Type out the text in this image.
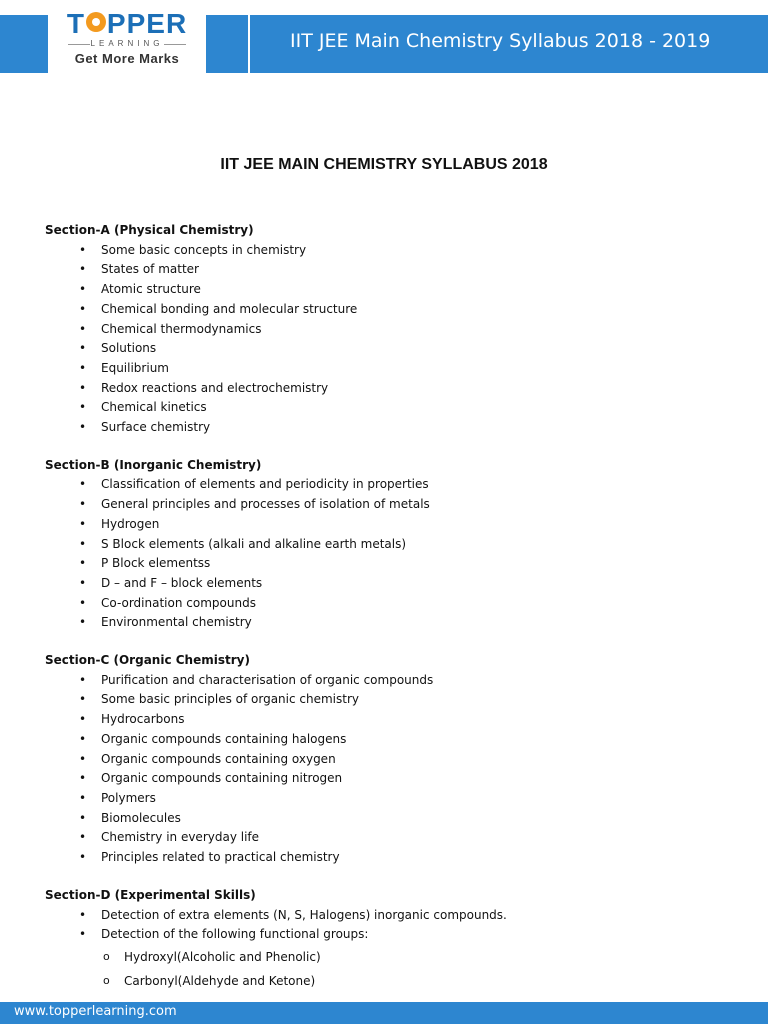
T PPER
LEARNING
Get More Marks
IIT JEE Main Chemistry Syllabus 2018 - 2019
IIT JEE MAIN CHEMISTRY SYLLABUS 2018
Section-A (Physical Chemistry)
• Some basic concepts in chemistry
• States of matter
• Atomic structure
• Chemical bonding and molecular structure
• Chemical thermodynamics
• Solutions
• Equilibrium
• Redox reactions and electrochemistry
• Chemical kinetics
• Surface chemistry
Section-B (Inorganic Chemistry)
• Classification of elements and periodicity in properties
• General principles and processes of isolation of metals
• Hydrogen
• S Block elements (alkali and alkaline earth metals)
• P Block elementss
• D – and F – block elements
• Co-ordination compounds
• Environmental chemistry
Section-C (Organic Chemistry)
• Purification and characterisation of organic compounds
• Some basic principles of organic chemistry
• Hydrocarbons
• Organic compounds containing halogens
• Organic compounds containing oxygen
• Organic compounds containing nitrogen
• Polymers
• Biomolecules
• Chemistry in everyday life
• Principles related to practical chemistry
Section-D (Experimental Skills)
• Detection of extra elements (N, S, Halogens) inorganic compounds.
• Detection of the following functional groups:
o Hydroxyl(Alcoholic and Phenolic)
o Carbonyl(Aldehyde and Ketone)
www.topperlearning.com
